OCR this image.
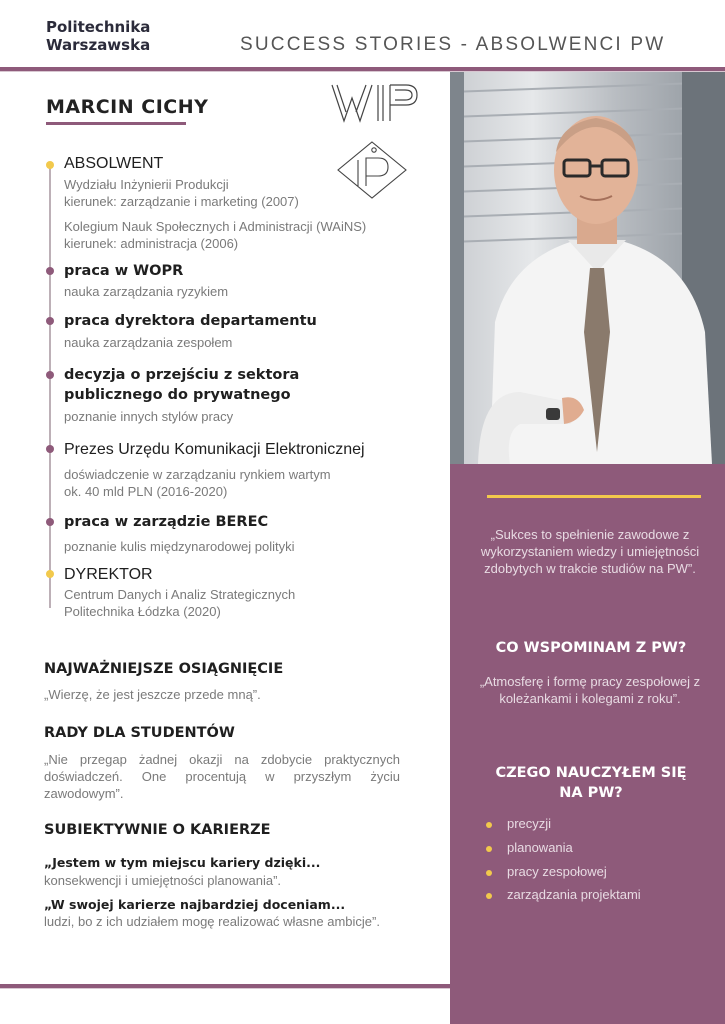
Politechnika
Warszawska	SUCCESS STORIES - ABSOLWENCI PW
MARCIN CICHY
WIP
IP
ABSOLWENT
Wydziału Inżynierii Produkcji
kierunek: zarządzanie i marketing (2007)
Kolegium Nauk Społecznych i Administracji (WAiNS)
kierunek: administracja (2006)
praca w WOPR
nauka zarządzania ryzykiem
praca dyrektora departamentu
nauka zarządzania zespołem
decyzja o przejściu z sektora
publicznego do prywatnego
poznanie innych stylów pracy
Prezes Urzędu Komunikacji Elektronicznej
doświadczenie w zarządzaniu rynkiem wartym
ok. 40 mld PLN (2016-2020)
praca w zarządzie BEREC
poznanie kulis międzynarodowej polityki
DYREKTOR
Centrum Danych i Analiz Strategicznych
Politechnika Łódzka (2020)
NAJWAŻNIEJSZE OSIĄGNIĘCIE
„Wierzę, że jest jeszcze przede mną”.
RADY DLA STUDENTÓW
„Nie przegap żadnej okazji na zdobycie praktycznych doświadczeń. One procentują w przyszłym życiu zawodowym”.
SUBIEKTYWNIE O KARIERZE
„Jestem w tym miejscu kariery dzięki...
konsekwencji i umiejętności planowania”.
„W swojej karierze najbardziej doceniam...
ludzi, bo z ich udziałem mogę realizować własne ambicje”.
„Sukces to spełnienie zawodowe z wykorzystaniem wiedzy i umiejętności zdobytych w trakcie studiów na PW”.
CO WSPOMINAM Z PW?
„Atmosferę i formę pracy zespołowej z koleżankami i kolegami z roku”.
CZEGO NAUCZYŁEM SIĘ
NA PW?
precyzji
planowania
pracy zespołowej
zarządzania projektami
